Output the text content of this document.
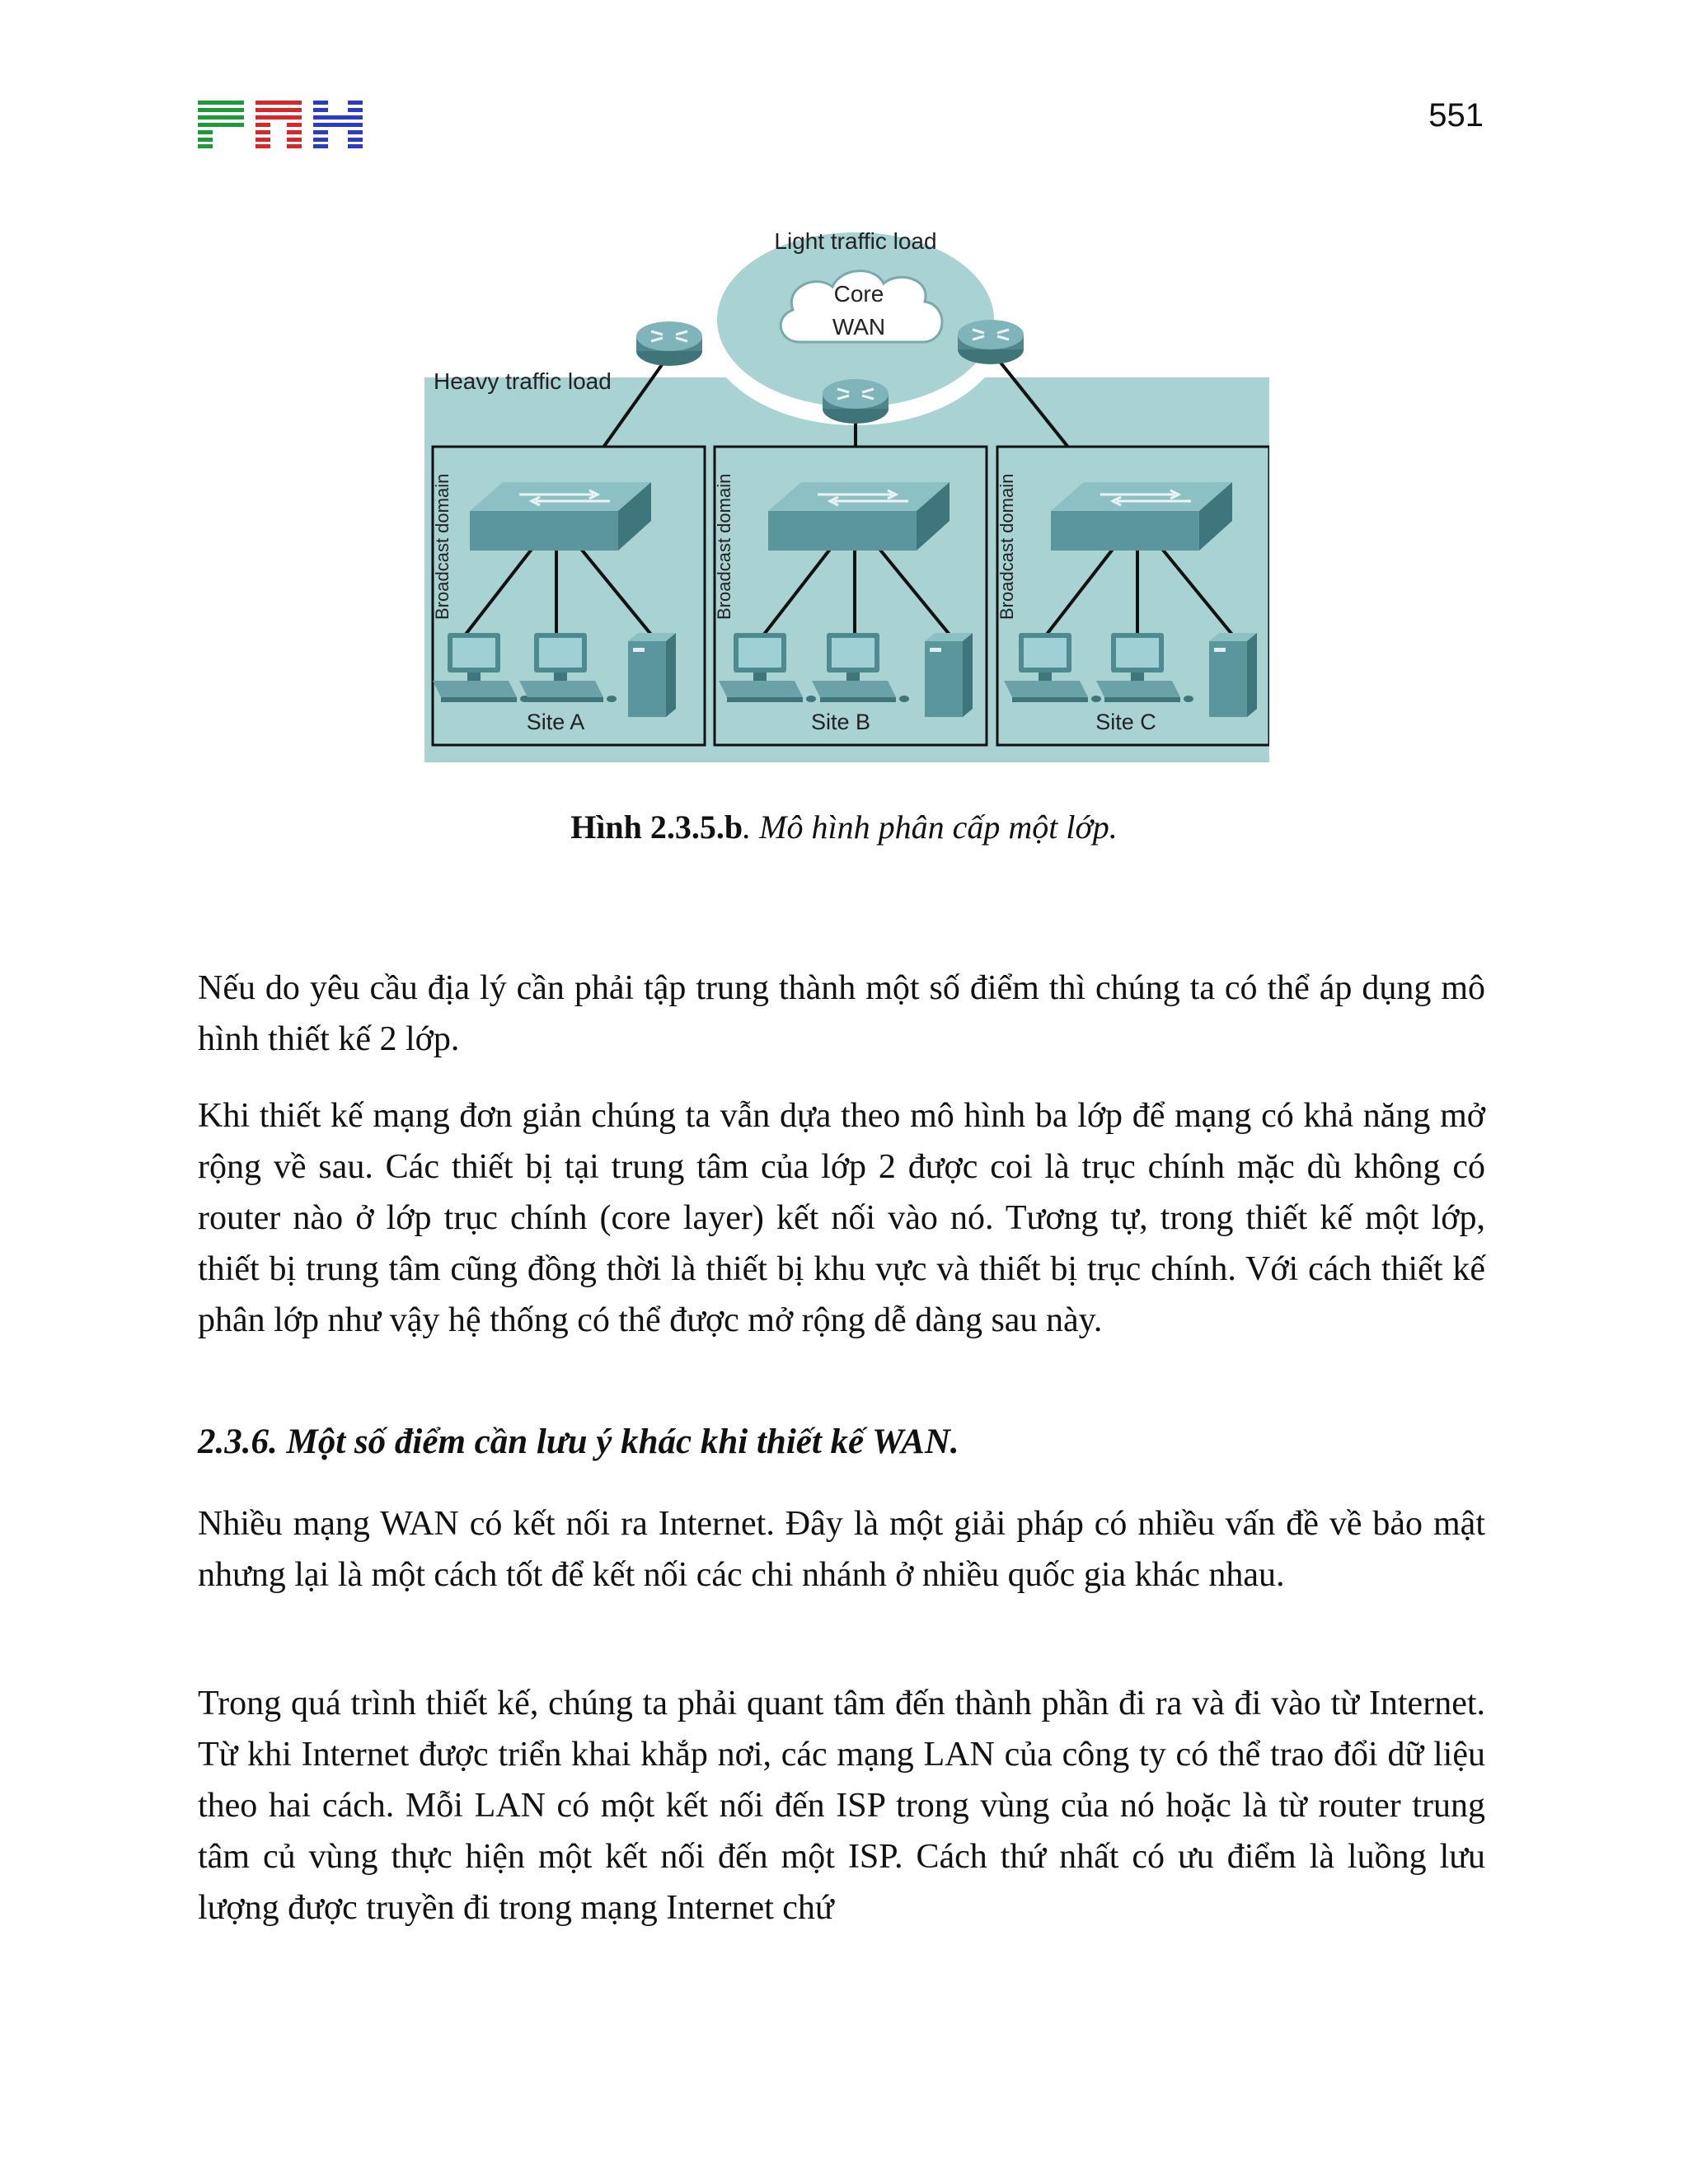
551
Light traffic load
Core
WAN
Heavy traffic load
Broadcast domain
Site A
Broadcast domain
Site B
Broadcast domain
Site C
Hình 2.3.5.b. Mô hình phân cấp một lớp.

Nếu do yêu cầu địa lý cần phải tập trung thành một số điểm thì chúng ta có thể áp dụng mô hình thiết kế 2 lớp.

Khi thiết kế mạng đơn giản chúng ta vẫn dựa theo mô hình ba lớp để mạng có khả năng mở rộng về sau. Các thiết bị tại trung tâm của lớp 2 được coi là trục chính mặc dù không có router nào ở lớp trục chính (core layer) kết nối vào nó. Tương tự, trong thiết kế một lớp, thiết bị trung tâm cũng đồng thời là thiết bị khu vực và thiết bị trục chính. Với cách thiết kế phân lớp như vậy hệ thống có thể được mở rộng dễ dàng sau này.

2.3.6. Một số điểm cần lưu ý khác khi thiết kế WAN.

Nhiều mạng WAN có kết nối ra Internet. Đây là một giải pháp có nhiều vấn đề về bảo mật nhưng lại là một cách tốt để kết nối các chi nhánh ở nhiều quốc gia khác nhau.

Trong quá trình thiết kế, chúng ta phải quant tâm đến thành phần đi ra và đi vào từ Internet. Từ khi Internet được triển khai khắp nơi, các mạng LAN của công ty có thể trao đổi dữ liệu theo hai cách. Mỗi LAN có một kết nối đến ISP trong vùng của nó hoặc là từ router trung tâm củ vùng thực hiện một kết nối đến một ISP. Cách thứ nhất có ưu điểm là luồng lưu lượng được truyền đi trong mạng Internet chứ
